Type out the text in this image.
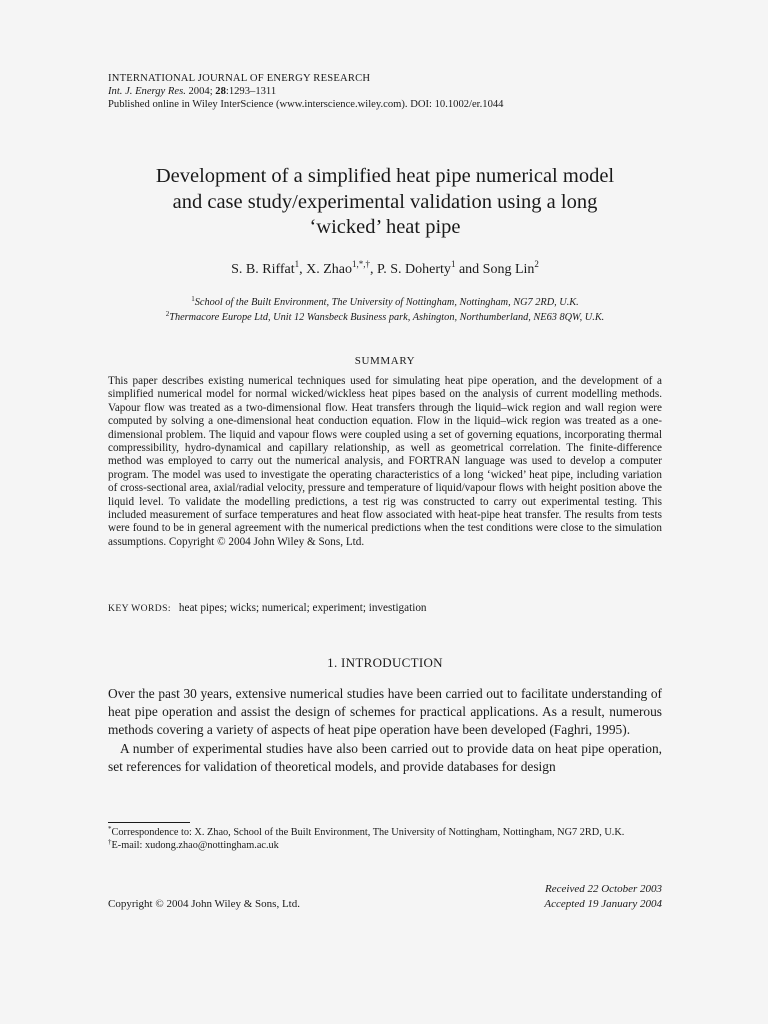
INTERNATIONAL JOURNAL OF ENERGY RESEARCH
Int. J. Energy Res. 2004; 28:1293–1311
Published online in Wiley InterScience (www.interscience.wiley.com). DOI: 10.1002/er.1044
Development of a simplified heat pipe numerical model
and case study/experimental validation using a long
‘wicked’ heat pipe
S. B. Riffat$^1$, X. Zhao$^{1,*,\dagger}$, P. S. Doherty$^1$ and Song Lin$^2$
$^1$School of the Built Environment, The University of Nottingham, Nottingham, NG7 2RD, U.K.
$^2$Thermacore Europe Ltd, Unit 12 Wansbeck Business park, Ashington, Northumberland, NE63 8QW, U.K.
SUMMARY
This paper describes existing numerical techniques used for simulating heat pipe operation, and the development of a simplified numerical model for normal wicked/wickless heat pipes based on the analysis of current modelling methods. Vapour flow was treated as a two-dimensional flow. Heat transfers through the liquid–wick region and wall region were computed by solving a one-dimensional heat conduction equation. Flow in the liquid–wick region was treated as a one-dimensional problem. The liquid and vapour flows were coupled using a set of governing equations, incorporating thermal compressibility, hydro-dynamical and capillary relationship, as well as geometrical correlation. The finite-difference method was employed to carry out the numerical analysis, and FORTRAN language was used to develop a computer program. The model was used to investigate the operating characteristics of a long ‘wicked’ heat pipe, including variation of cross-sectional area, axial/radial velocity, pressure and temperature of liquid/vapour flows with height position above the liquid level. To validate the modelling predictions, a test rig was constructed to carry out experimental testing. This included measurement of surface temperatures and heat flow associated with heat-pipe heat transfer. The results from tests were found to be in general agreement with the numerical predictions when the test conditions were close to the simulation assumptions. Copyright © 2004 John Wiley & Sons, Ltd.
KEY WORDS: heat pipes; wicks; numerical; experiment; investigation
1. INTRODUCTION

Over the past 30 years, extensive numerical studies have been carried out to facilitate understanding of heat pipe operation and assist the design of schemes for practical applications. As a result, numerous methods covering a variety of aspects of heat pipe operation have been developed (Faghri, 1995).

A number of experimental studies have also been carried out to provide data on heat pipe operation, set references for validation of theoretical models, and provide databases for design

*Correspondence to: X. Zhao, School of the Built Environment, The University of Nottingham, Nottingham, NG7 2RD, U.K.

†E-mail: xudong.zhao@nottingham.ac.uk

Received 22 October 2003
Accepted 19 January 2004
Copyright © 2004 John Wiley & Sons, Ltd.
